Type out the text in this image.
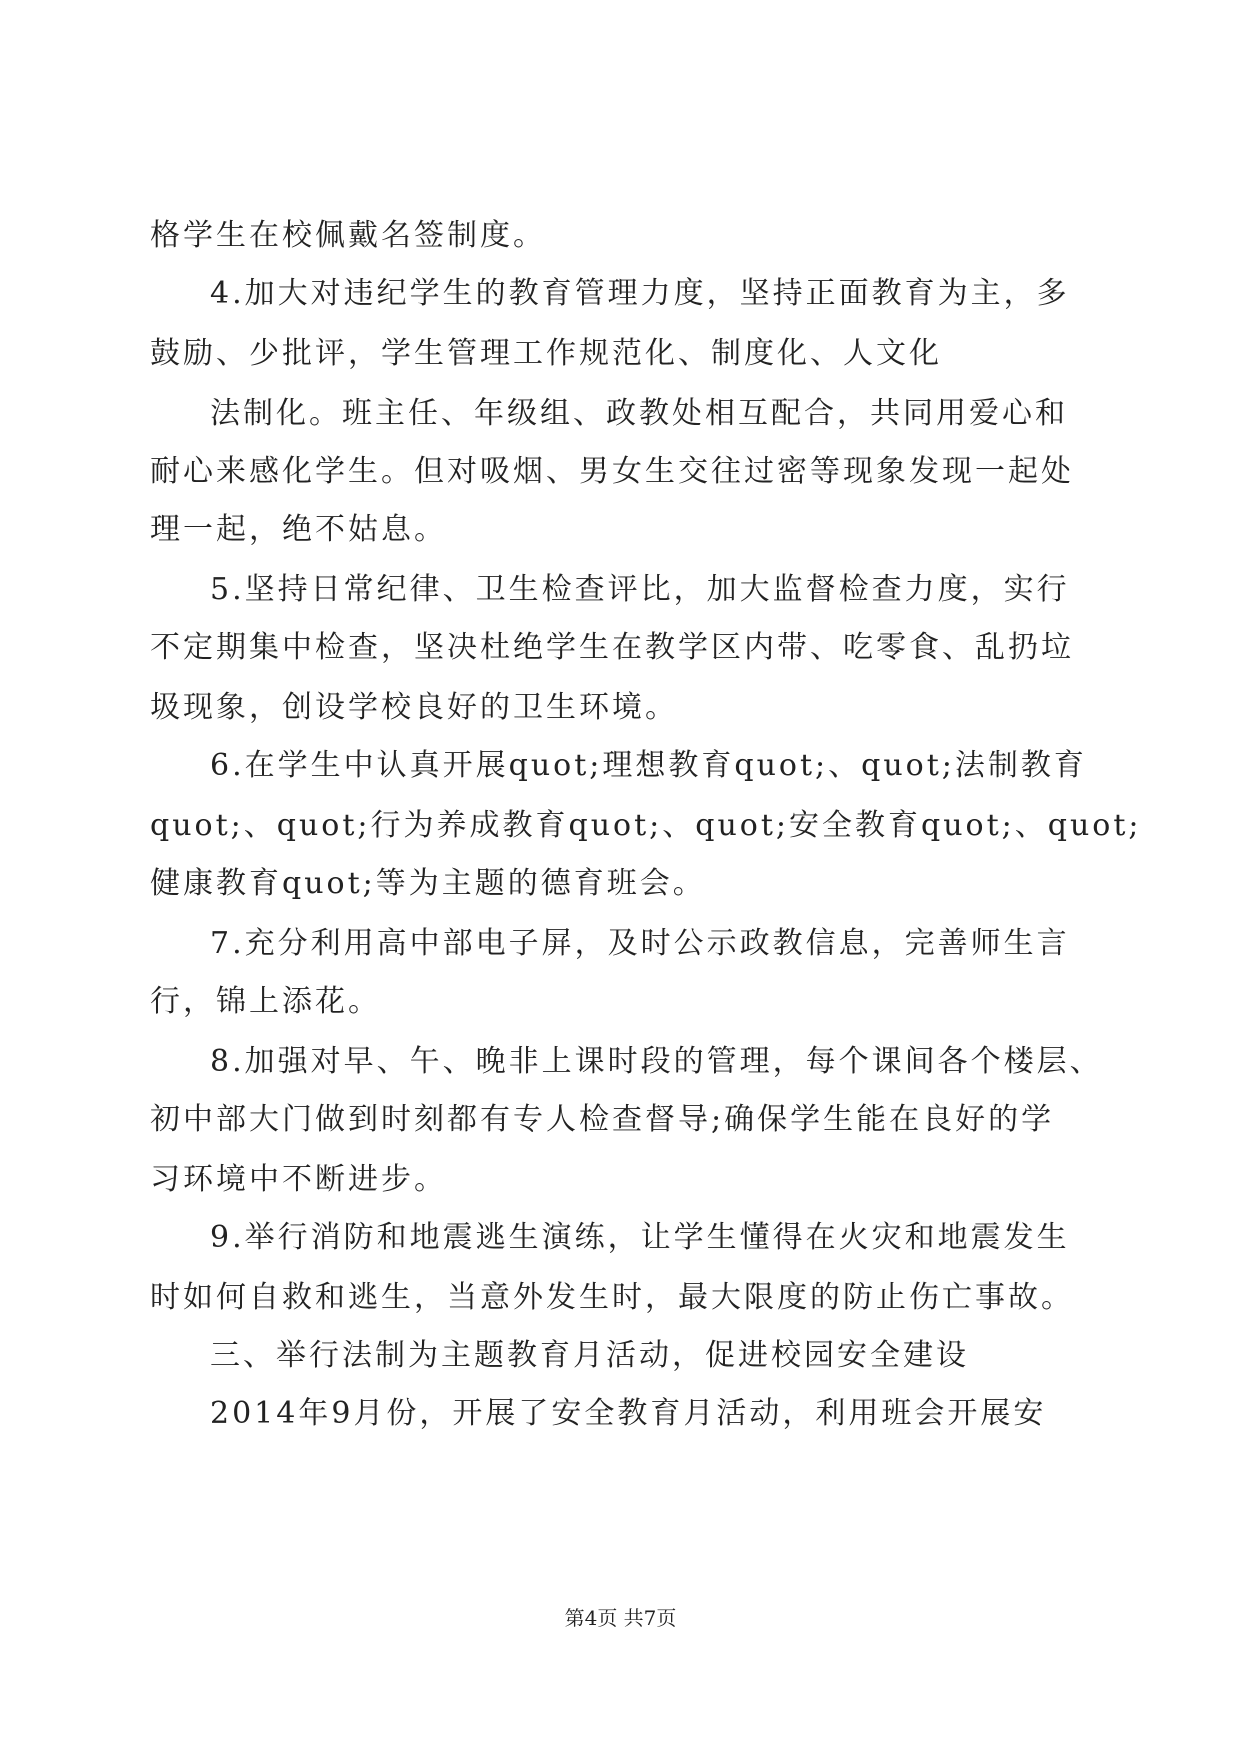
格学生在校佩戴名签制度。
4.加大对违纪学生的教育管理力度，坚持正面教育为主，多
鼓励、少批评，学生管理工作规范化、制度化、人文化
法制化。班主任、年级组、政教处相互配合，共同用爱心和
耐心来感化学生。但对吸烟、男女生交往过密等现象发现一起处
理一起，绝不姑息。
5.坚持日常纪律、卫生检查评比，加大监督检查力度，实行
不定期集中检查，坚决杜绝学生在教学区内带、吃零食、乱扔垃
圾现象，创设学校良好的卫生环境。
6.在学生中认真开展quot;理想教育quot;、quot;法制教育
quot;、quot;行为养成教育quot;、quot;安全教育quot;、quot;
健康教育quot;等为主题的德育班会。
7.充分利用高中部电子屏，及时公示政教信息，完善师生言
行，锦上添花。
8.加强对早、午、晚非上课时段的管理，每个课间各个楼层、
初中部大门做到时刻都有专人检查督导;确保学生能在良好的学
习环境中不断进步。
9.举行消防和地震逃生演练，让学生懂得在火灾和地震发生
时如何自救和逃生，当意外发生时，最大限度的防止伤亡事故。
三、举行法制为主题教育月活动，促进校园安全建设
2014年9月份，开展了安全教育月活动，利用班会开展安
第4页 共7页
